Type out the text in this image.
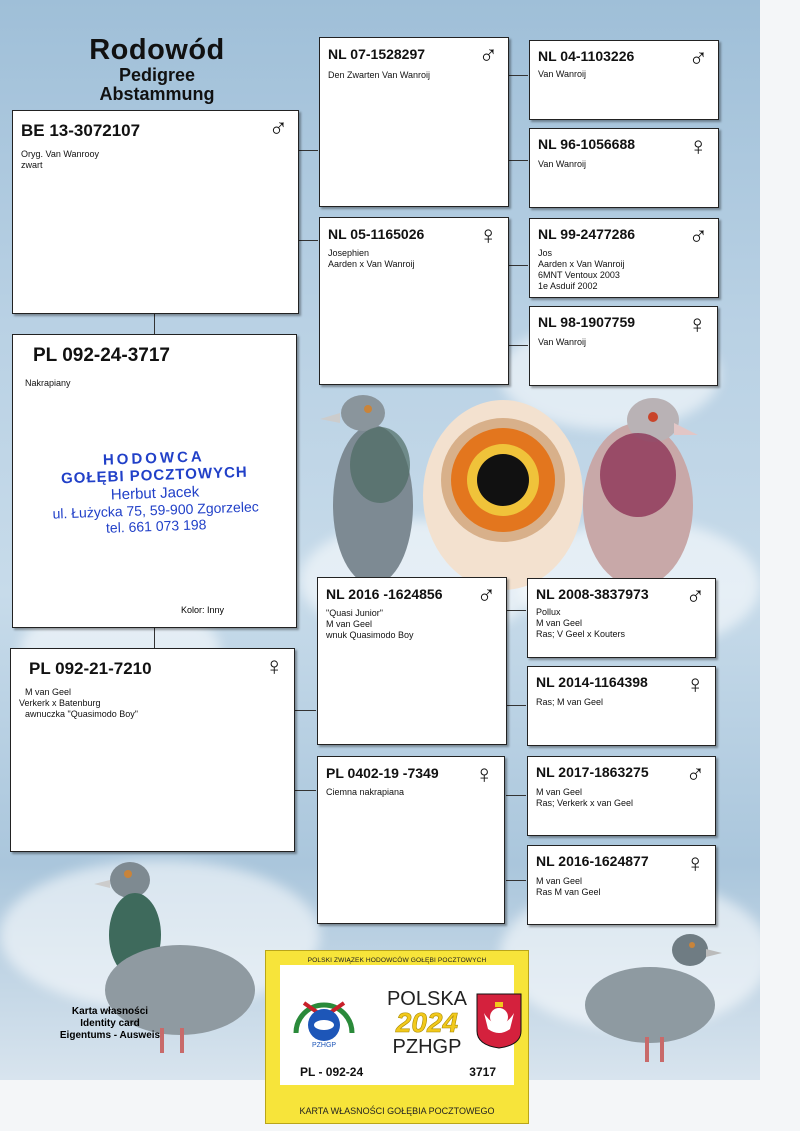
Rodowód
Pedigree
Abstammung
BE 13-3072107	♂
Oryg. Van Wanrooy
zwart
PL 092-24-3717
Nakrapiany
Kolor: Inny
HODOWCA
GOŁĘBI POCZTOWYCH
Herbut Jacek
ul. Łużycka 75, 59-900 Zgorzelec
tel. 661 073 198
PL 092-21-7210	♀
M van Geel
Verkerk x Batenburg
awnuczka "Quasimodo Boy"
NL 07-1528297 ♂
Den Zwarten Van Wanroij
NL 05-1165026 ♀
Josephien
Aarden x Van Wanroij
NL 2016 -1624856 ♂
"Quasi Junior"
M van Geel
wnuk Quasimodo Boy
PL 0402-19 -7349 ♀
Ciemna nakrapiana
NL 04-1103226 ♂
Van Wanroij
NL 96-1056688 ♀
Van Wanroij
NL 99-2477286 ♂
Jos
Aarden x Van Wanroij
6MNT Ventoux 2003
1e Asduif 2002
NL 98-1907759 ♀
Van Wanroij
NL 2008-3837973 ♂
Pollux
M van Geel
Ras; V Geel x Kouters
NL 2014-1164398 ♀
Ras; M van Geel
NL 2017-1863275 ♂
M van Geel
Ras; Verkerk x van Geel
NL 2016-1624877 ♀
M van Geel
Ras M van Geel
Karta własności
Identity card
Eigentums - Ausweis
POLSKI ZWIĄZEK HODOWCÓW GOŁĘBI POCZTOWYCH
PZHGP
POLSKA
2024
PZHGP
PL - 092-24	3717
KARTA WŁASNOŚCI GOŁĘBIA POCZTOWEGO
